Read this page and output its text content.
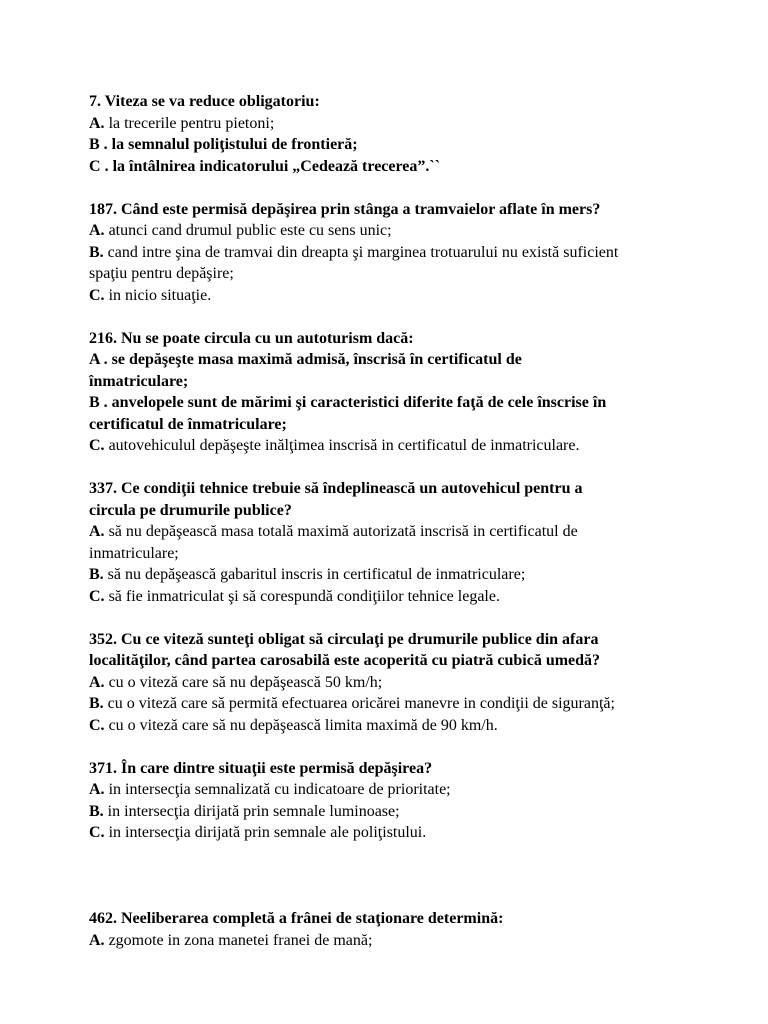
7. Viteza se va reduce obligatoriu:
A. la trecerile pentru pietoni;
B . la semnalul poliţistului de frontieră;
C . la întâlnirea indicatorului „Cedează trecerea”.``
187. Când este permisă depăşirea prin stânga a tramvaielor aflate în mers?
A. atunci cand drumul public este cu sens unic;
B. cand intre şina de tramvai din dreapta şi marginea trotuarului nu există suficient
spaţiu pentru depăşire;
C. in nicio situaţie.
216. Nu se poate circula cu un autoturism dacă:
A . se depăşeşte masa maximă admisă, înscrisă în certificatul de
înmatriculare;
B . anvelopele sunt de mărimi şi caracteristici diferite faţă de cele înscrise în
certificatul de înmatriculare;
C. autovehiculul depăşeşte inălţimea inscrisă in certificatul de inmatriculare.
337. Ce condiţii tehnice trebuie să îndeplinească un autovehicul pentru a
circula pe drumurile publice?
A. să nu depăşească masa totală maximă autorizată inscrisă in certificatul de
inmatriculare;
B. să nu depăşească gabaritul inscris in certificatul de inmatriculare;
C. să fie inmatriculat şi să corespundă condiţiilor tehnice legale.
352. Cu ce viteză sunteţi obligat să circulaţi pe drumurile publice din afara
localităţilor, când partea carosabilă este acoperită cu piatră cubică umedă?
A. cu o viteză care să nu depăşească 50 km/h;
B. cu o viteză care să permită efectuarea oricărei manevre in condiţii de siguranţă;
C. cu o viteză care să nu depăşească limita maximă de 90 km/h.
371. În care dintre situaţii este permisă depăşirea?
A. in intersecţia semnalizată cu indicatoare de prioritate;
B. in intersecţia dirijată prin semnale luminoase;
C. in intersecţia dirijată prin semnale ale poliţistului.
462. Neeliberarea completă a frânei de staţionare determină:
A. zgomote in zona manetei franei de mană;
